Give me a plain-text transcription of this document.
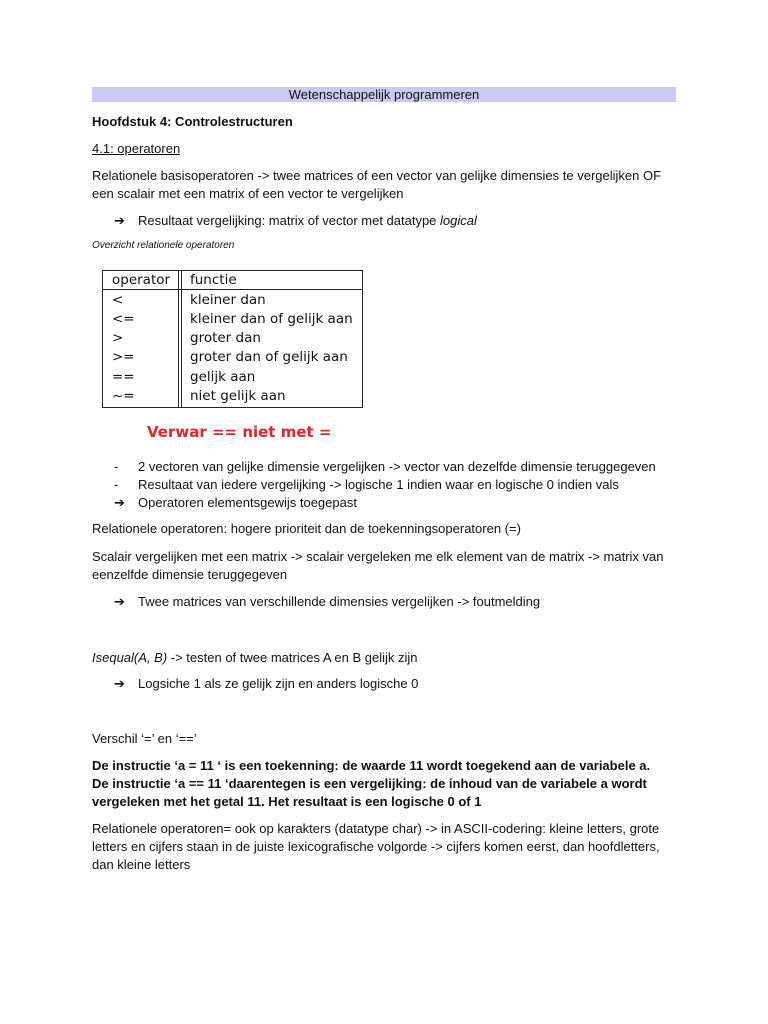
Wetenschappelijk programmeren
Hoofdstuk 4: Controlestructuren
4.1: operatoren
Relationele basisoperatoren -> twee matrices of een vector van gelijke dimensies te vergelijken OF
een scalair met een matrix of een vector te vergelijken
➔ Resultaat vergelijking: matrix of vector met datatype logical
Overzicht relationele operatoren
operator functie
<	kleiner dan
<=	kleiner dan of gelijk aan
>	groter dan
>=	groter dan of gelijk aan
==	gelijk aan
~=	niet gelijk aan
Verwar == niet met =
- 2 vectoren van gelijke dimensie vergelijken -> vector van dezelfde dimensie teruggegeven
- Resultaat van iedere vergelijking -> logische 1 indien waar en logische 0 indien vals
➔ Operatoren elementsgewijs toegepast
Relationele operatoren: hogere prioriteit dan de toekenningsoperatoren (=)
Scalair vergelijken met een matrix -> scalair vergeleken me elk element van de matrix -> matrix van
eenzelfde dimensie teruggegeven
➔ Twee matrices van verschillende dimensies vergelijken -> foutmelding
Isequal(A, B) -> testen of twee matrices A en B gelijk zijn
➔ Logsiche 1 als ze gelijk zijn en anders logische 0
Verschil ‘=’ en ‘==’
De instructie ‘a = 11 ‘ is een toekenning: de waarde 11 wordt toegekend aan de variabele a.
De instructie ‘a == 11 ‘daarentegen is een vergelijking: de inhoud van de variabele a wordt
vergeleken met het getal 11. Het resultaat is een logische 0 of 1
Relationele operatoren= ook op karakters (datatype char) -> in ASCII-codering: kleine letters, grote
letters en cijfers staan in de juiste lexicografische volgorde -> cijfers komen eerst, dan hoofdletters,
dan kleine letters
